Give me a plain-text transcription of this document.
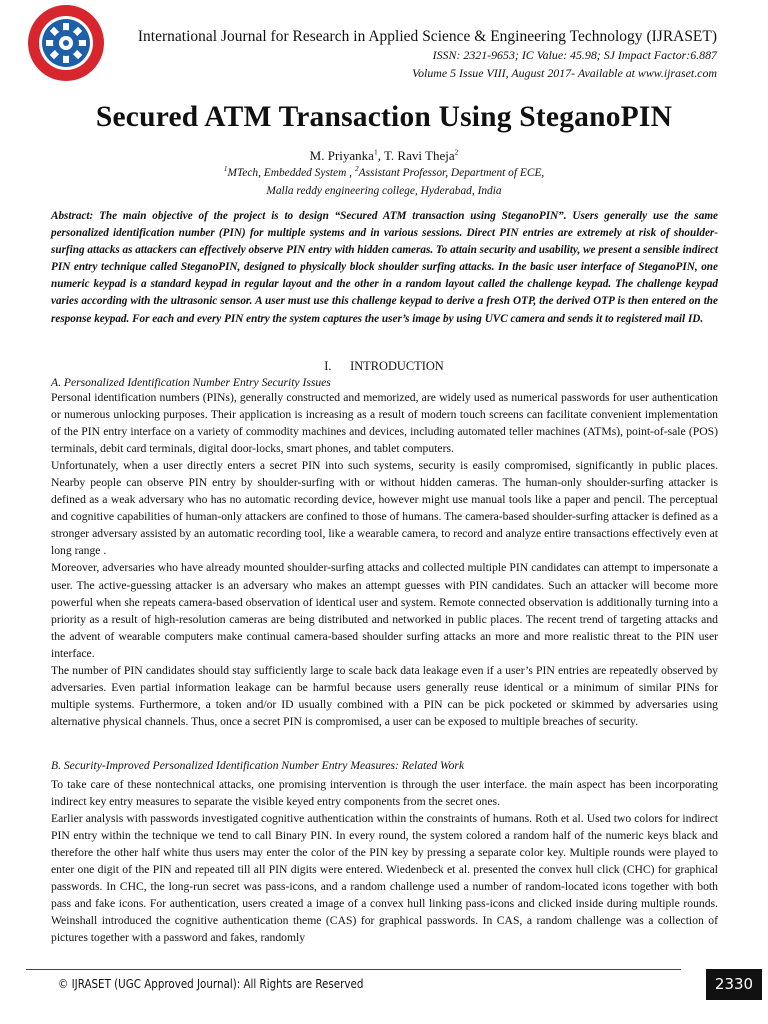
International Journal for Research in Applied Science & Engineering Technology (IJRASET)
ISSN: 2321-9653; IC Value: 45.98; SJ Impact Factor:6.887
Volume 5 Issue VIII, August 2017- Available at www.ijraset.com
Secured ATM Transaction Using SteganoPIN
M. Priyanka$^1$, T. Ravi Theja$^2$
$^1$MTech, Embedded System , $^2$Assistant Professor, Department of ECE,
Malla reddy engineering college, Hyderabad, India
Abstract: The main objective of the project is to design “Secured ATM transaction using SteganoPIN”. Users generally use the same personalized identification number (PIN) for multiple systems and in various sessions. Direct PIN entries are extremely at risk of shoulder-surfing attacks as attackers can effectively observe PIN entry with hidden cameras. To attain security and usability, we present a sensible indirect PIN entry technique called SteganoPIN, designed to physically block shoulder surfing attacks. In the basic user interface of SteganoPIN, one numeric keypad is a standard keypad in regular layout and the other in a random layout called the challenge keypad. The challenge keypad varies according with the ultrasonic sensor. A user must use this challenge keypad to derive a fresh OTP, the derived OTP is then entered on the response keypad. For each and every PIN entry the system captures the user’s image by using UVC camera and sends it to registered mail ID.
I. INTRODUCTION
A. Personalized Identification Number Entry Security Issues

Personal identification numbers (PINs), generally constructed and memorized, are widely used as numerical passwords for user authentication or numerous unlocking purposes. Their application is increasing as a result of modern touch screens can facilitate convenient implementation of the PIN entry interface on a variety of commodity machines and devices, including automated teller machines (ATMs), point-of-sale (POS) terminals, debit card terminals, digital door-locks, smart phones, and tablet computers.

Unfortunately, when a user directly enters a secret PIN into such systems, security is easily compromised, significantly in public places. Nearby people can observe PIN entry by shoulder-surfing with or without hidden cameras. The human-only shoulder-surfing attacker is defined as a weak adversary who has no automatic recording device, however might use manual tools like a paper and pencil. The perceptual and cognitive capabilities of human-only attackers are confined to those of humans. The camera-based shoulder-surfing attacker is defined as a stronger adversary assisted by an automatic recording tool, like a wearable camera, to record and analyze entire transactions effectively even at long range .

Moreover, adversaries who have already mounted shoulder-surfing attacks and collected multiple PIN candidates can attempt to impersonate a user. The active-guessing attacker is an adversary who makes an attempt guesses with PIN candidates. Such an attacker will become more powerful when she repeats camera-based observation of identical user and system. Remote connected observation is additionally turning into a priority as a result of high-resolution cameras are being distributed and networked in public places. The recent trend of targeting attacks and the advent of wearable computers make continual camera-based shoulder surfing attacks an more and more realistic threat to the PIN user interface.

The number of PIN candidates should stay sufficiently large to scale back data leakage even if a user’s PIN entries are repeatedly observed by adversaries. Even partial information leakage can be harmful because users generally reuse identical or a minimum of similar PINs for multiple systems. Furthermore, a token and/or ID usually combined with a PIN can be pick pocketed or skimmed by adversaries using alternative physical channels. Thus, once a secret PIN is compromised, a user can be exposed to multiple breaches of security.

B. Security-Improved Personalized Identification Number Entry Measures: Related Work

To take care of these nontechnical attacks, one promising intervention is through the user interface. the main aspect has been incorporating indirect key entry measures to separate the visible keyed entry components from the secret ones.

Earlier analysis with passwords investigated cognitive authentication within the constraints of humans. Roth et al. Used two colors for indirect PIN entry within the technique we tend to call Binary PIN. In every round, the system colored a random half of the numeric keys black and therefore the other half white thus users may enter the color of the PIN key by pressing a separate color key. Multiple rounds were played to enter one digit of the PIN and repeated till all PIN digits were entered. Wiedenbeck et al. presented the convex hull click (CHC) for graphical passwords. In CHC, the long-run secret was pass-icons, and a random challenge used a number of random-located icons together with both pass and fake icons. For authentication, users created a image of a convex hull linking pass-icons and clicked inside during multiple rounds. Weinshall introduced the cognitive authentication theme (CAS) for graphical passwords. In CAS, a random challenge was a collection of pictures together with a password and fakes, randomly

© IJRASET (UGC Approved Journal): All Rights are Reserved	2330
